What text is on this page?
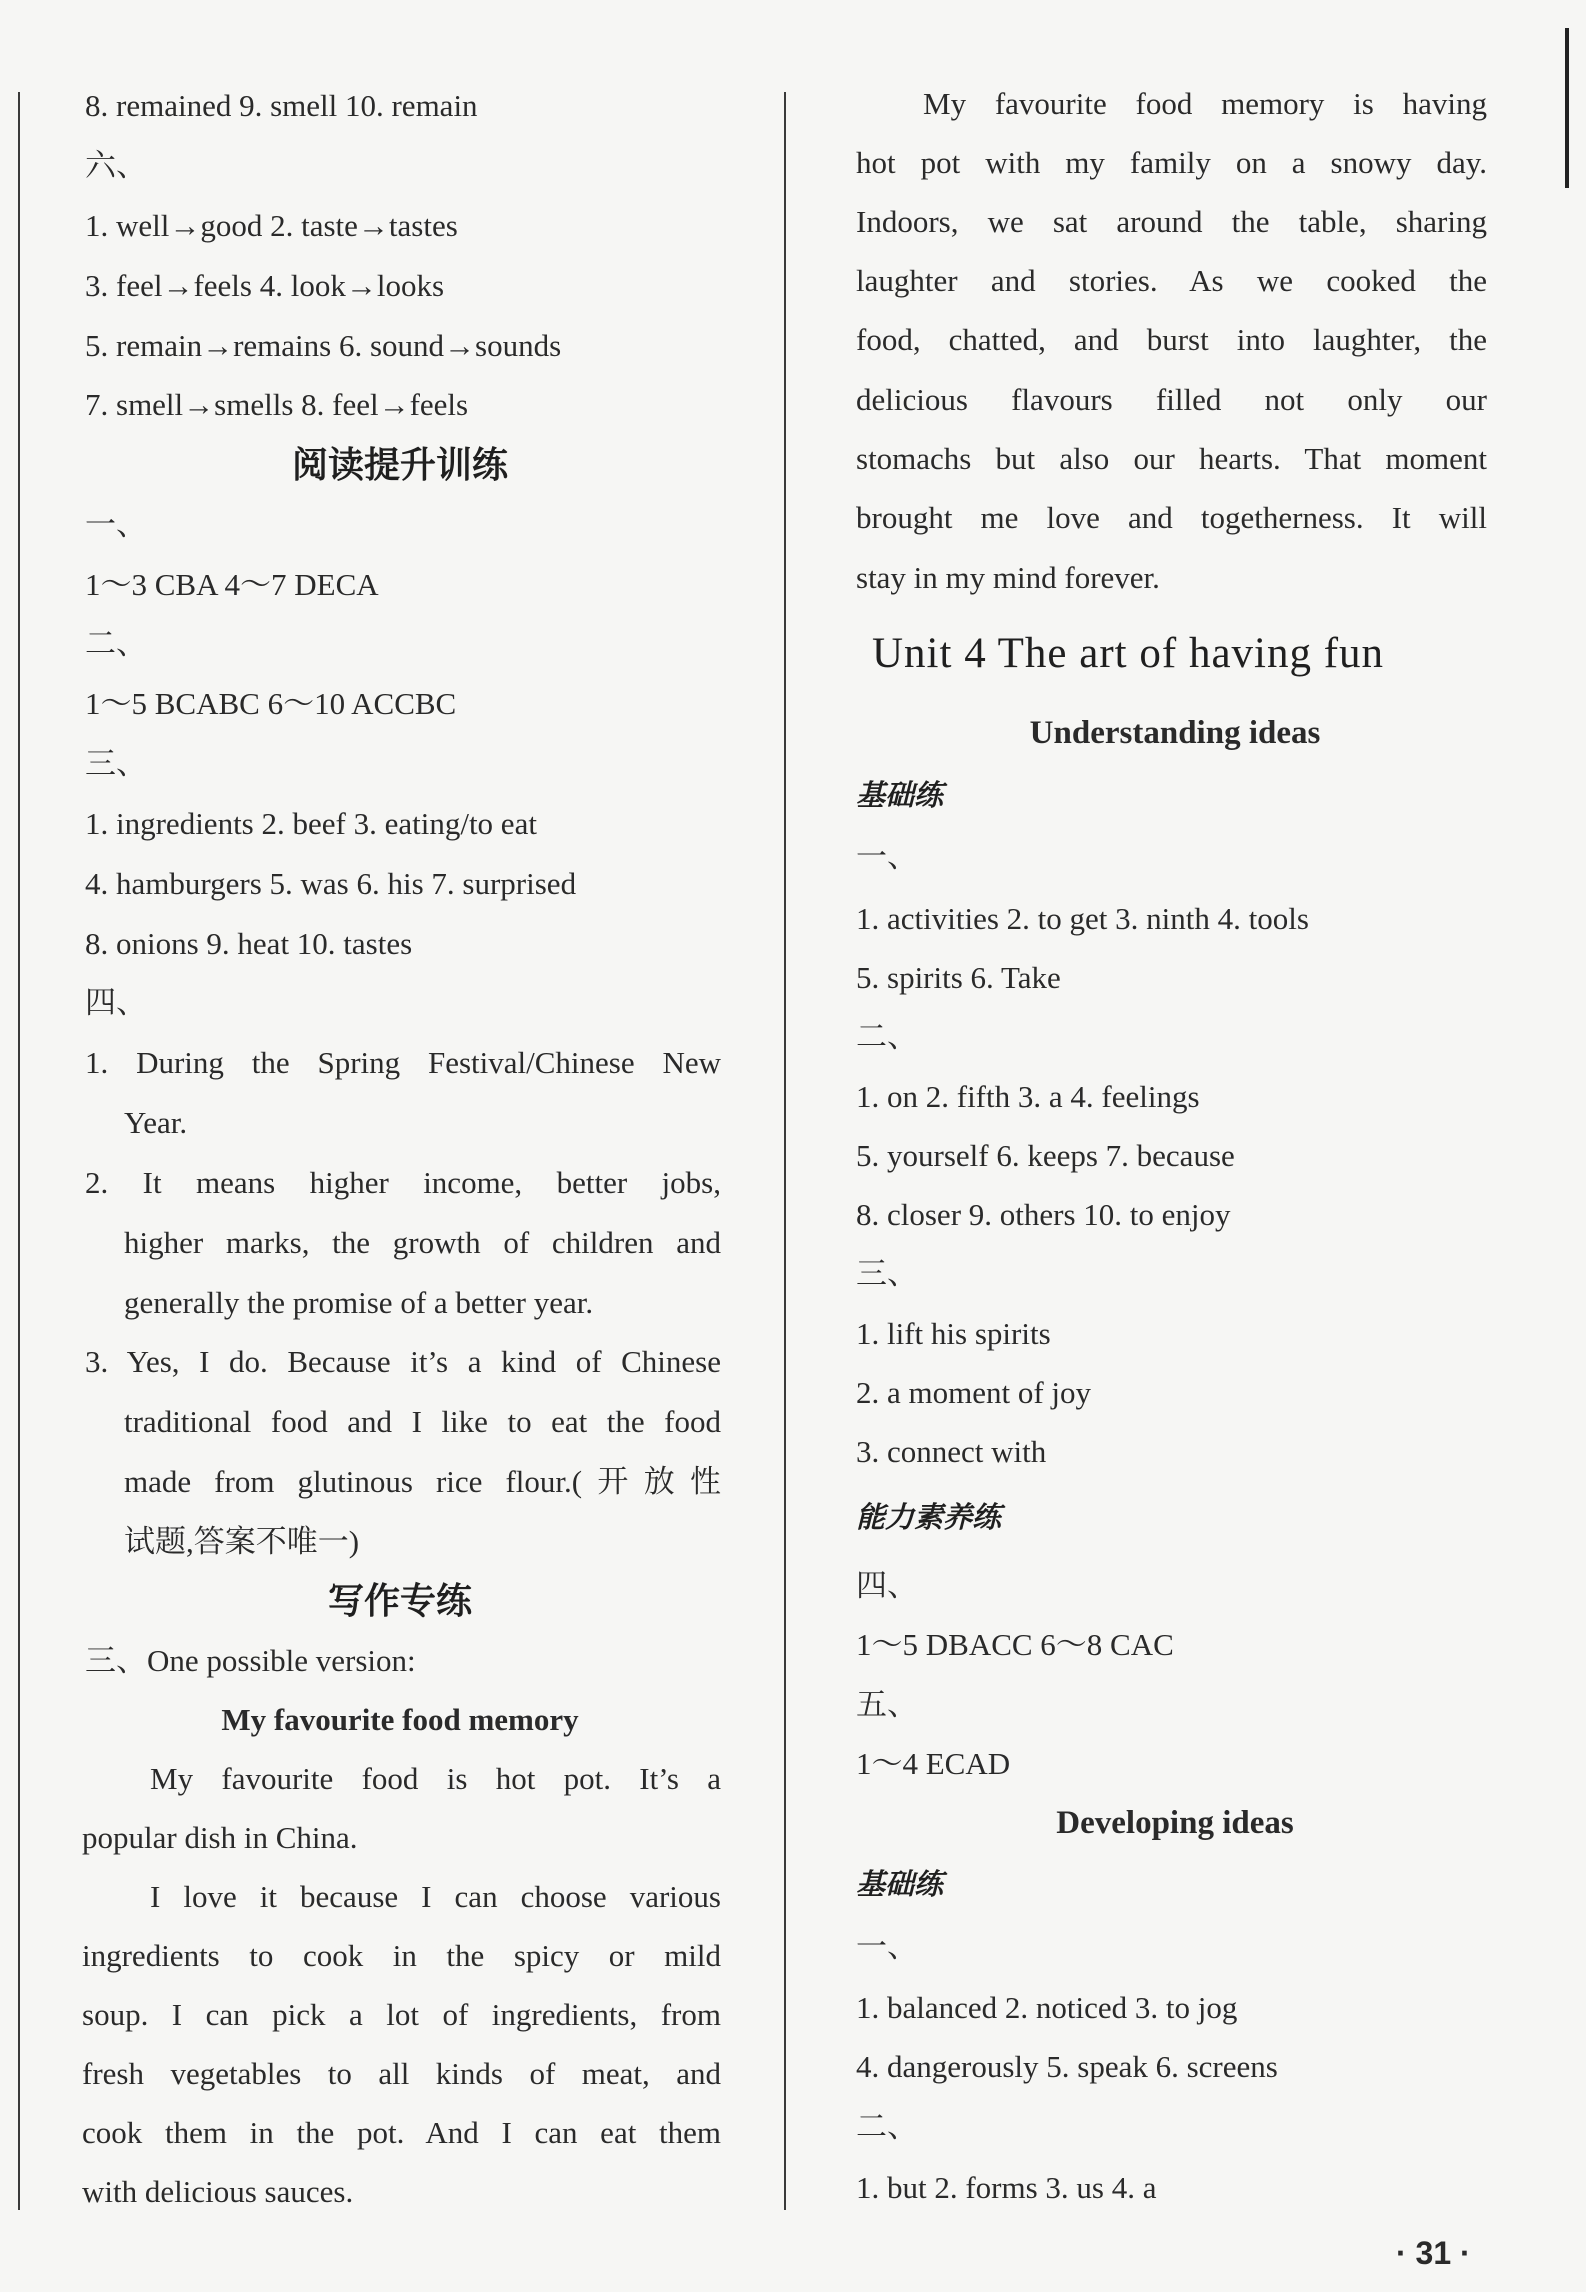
8. remained 9. smell 10. remain
六、
1. well→good 2. taste→tastes
3. feel→feels 4. look→looks
5. remain→remains 6. sound→sounds
7. smell→smells 8. feel→feels
阅读提升训练
一、
1～3 CBA 4～7 DECA
二、
1～5 BCABC 6～10 ACCBC
三、
1. ingredients 2. beef 3. eating/to eat
4. hamburgers 5. was 6. his 7. surprised
8. onions 9. heat 10. tastes
四、
1. During the Spring Festival/Chinese New
Year.
2. It means higher income, better jobs,
higher marks, the growth of children and
generally the promise of a better year.
3. Yes, I do. Because it’s a kind of Chinese
traditional food and I like to eat the food
made from glutinous rice flour.(开放性
试题,答案不唯一)
写作专练
三、One possible version:
My favourite food memory
My favourite food is hot pot. It’s a
popular dish in China.
I love it because I can choose various
ingredients to cook in the spicy or mild
soup. I can pick a lot of ingredients, from
fresh vegetables to all kinds of meat, and
cook them in the pot. And I can eat them
with delicious sauces.
My favourite food memory is having
hot pot with my family on a snowy day.
Indoors, we sat around the table, sharing
laughter and stories. As we cooked the
food, chatted, and burst into laughter, the
delicious flavours filled not only our
stomachs but also our hearts. That moment
brought me love and togetherness. It will
stay in my mind forever.
Unit 4 The art of having fun
Understanding ideas
基础练
一、
1. activities 2. to get 3. ninth 4. tools
5. spirits 6. Take
二、
1. on 2. fifth 3. a 4. feelings
5. yourself 6. keeps 7. because
8. closer 9. others 10. to enjoy
三、
1. lift his spirits
2. a moment of joy
3. connect with
能力素养练
四、
1～5 DBACC 6～8 CAC
五、
1～4 ECAD
Developing ideas
基础练
一、
1. balanced 2. noticed 3. to jog
4. dangerously 5. speak 6. screens
二、
1. but 2. forms 3. us 4. a
· 31 ·
